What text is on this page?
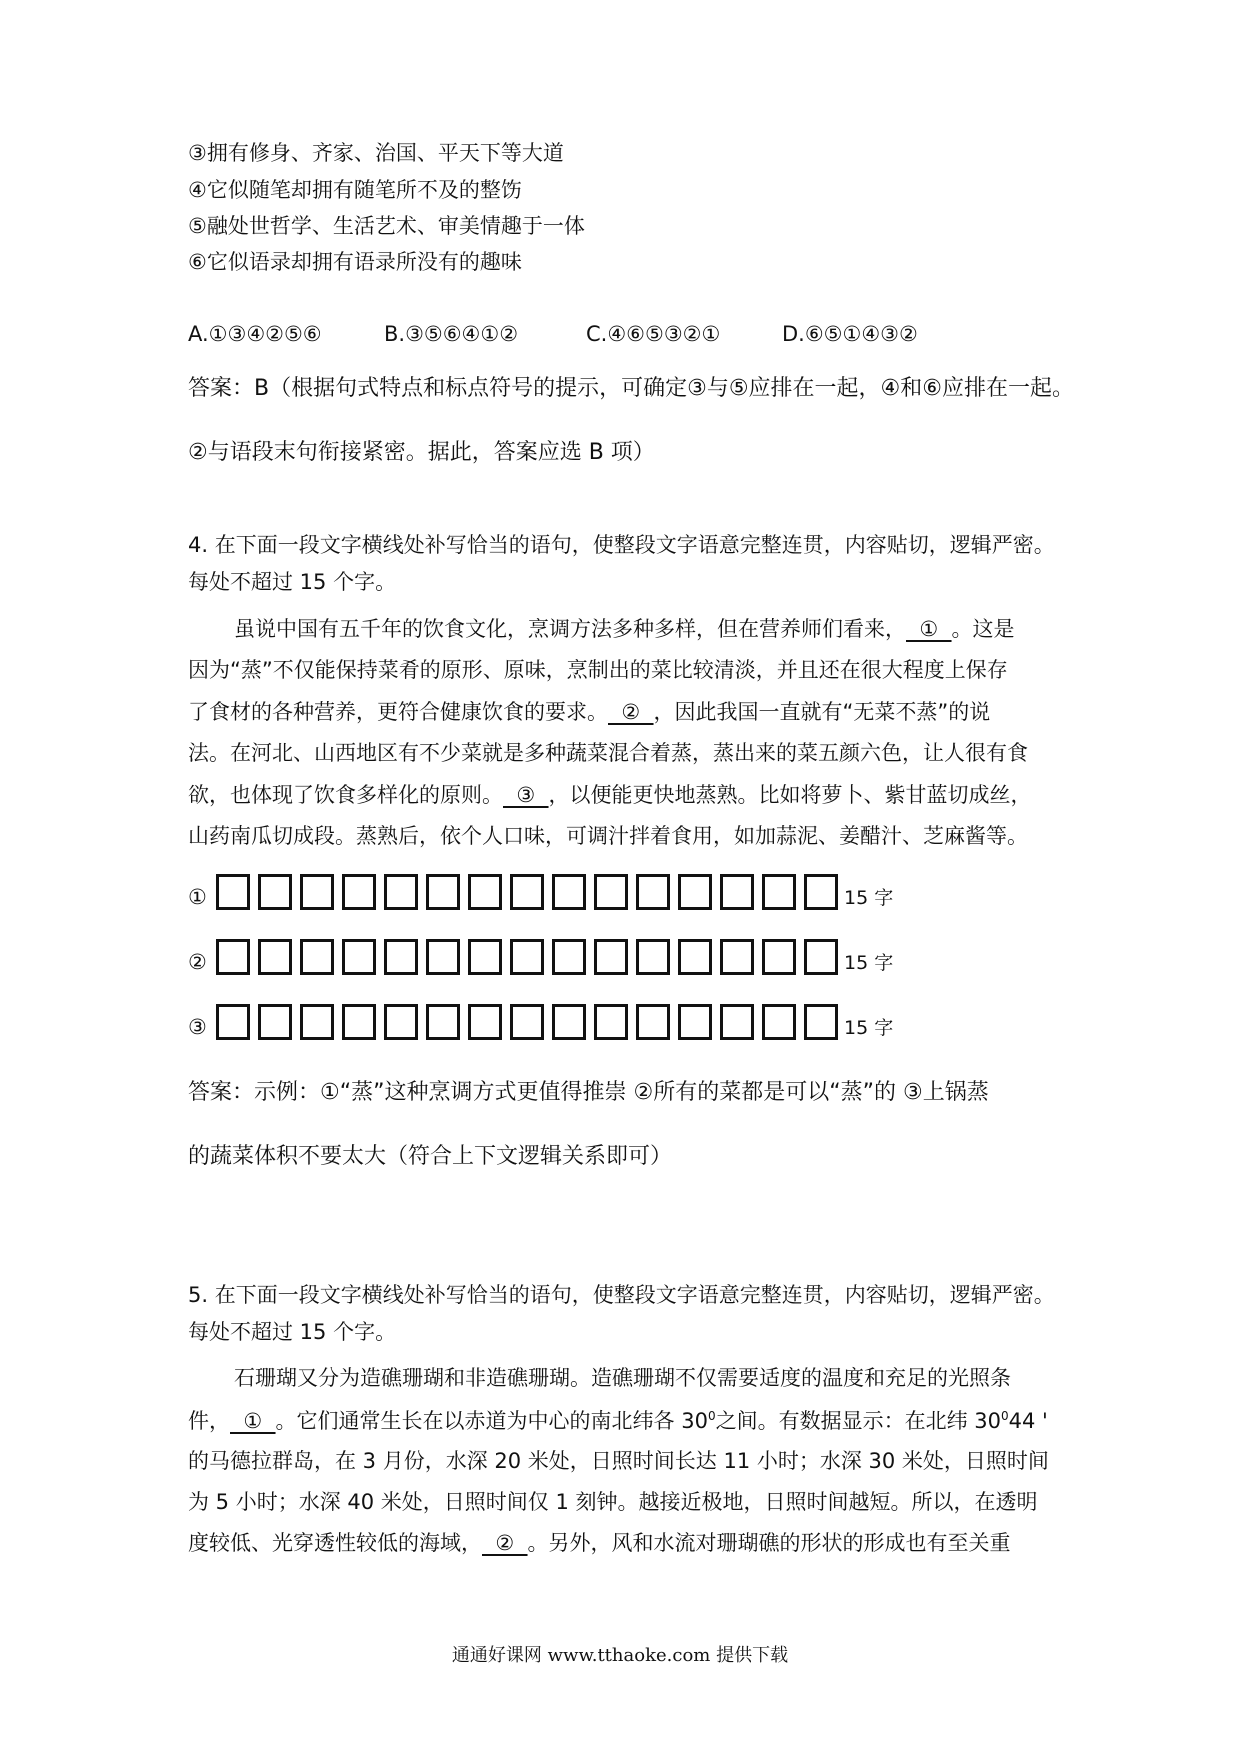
③拥有修身、齐家、治国、平天下等大道
④它似随笔却拥有随笔所不及的整饬
⑤融处世哲学、生活艺术、审美情趣于一体
⑥它似语录却拥有语录所没有的趣味
A.①③④②⑤⑥	B.③⑤⑥④①②	C.④⑥⑤③②①	D.⑥⑤①④③②
答案：B（根据句式特点和标点符号的提示，可确定③与⑤应排在一起，④和⑥应排在一起。
②与语段末句衔接紧密。据此，答案应选 B 项）
4. 在下面一段文字横线处补写恰当的语句，使整段文字语意完整连贯，内容贴切，逻辑严密。
每处不超过 15 个字。
虽说中国有五千年的饮食文化，烹调方法多种多样，但在营养师们看来，  ①  。这是
因为“蒸”不仅能保持菜肴的原形、原味，烹制出的菜比较清淡，并且还在很大程度上保存
了食材的各种营养，更符合健康饮食的要求。  ②  ，因此我国一直就有“无菜不蒸”的说
法。在河北、山西地区有不少菜就是多种蔬菜混合着蒸，蒸出来的菜五颜六色，让人很有食
欲，也体现了饮食多样化的原则。  ③  ，以便能更快地蒸熟。比如将萝卜、紫甘蓝切成丝，
山药南瓜切成段。蒸熟后，依个人口味，可调汁拌着食用，如加蒜泥、姜醋汁、芝麻酱等。
①	15 字
②	15 字
③	15 字
答案：示例：①“蒸”这种烹调方式更值得推崇 ②所有的菜都是可以“蒸”的 ③上锅蒸
的蔬菜体积不要太大（符合上下文逻辑关系即可）
5. 在下面一段文字横线处补写恰当的语句，使整段文字语意完整连贯，内容贴切，逻辑严密。
每处不超过 15 个字。
石珊瑚又分为造礁珊瑚和非造礁珊瑚。造礁珊瑚不仅需要适度的温度和充足的光照条
件，  ①  。它们通常生长在以赤道为中心的南北纬各 $30^0$之间。有数据显示：在北纬 $30^044$ '
的马德拉群岛，在 3 月份，水深 20 米处，日照时间长达 11 小时；水深 30 米处，日照时间
为 5 小时；水深 40 米处，日照时间仅 1 刻钟。越接近极地，日照时间越短。所以，在透明
度较低、光穿透性较低的海域，  ②  。另外，风和水流对珊瑚礁的形状的形成也有至关重
通通好课网 www.tthaoke.com 提供下载
